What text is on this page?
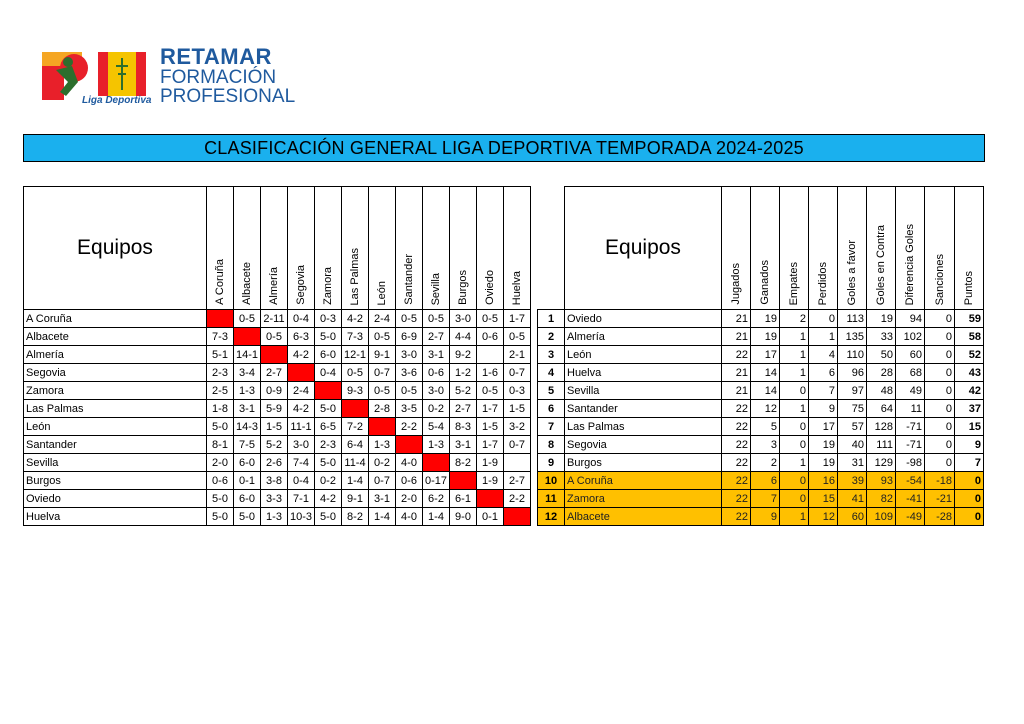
Liga Deportiva
RETAMAR
FORMACIÓN
PROFESIONAL
CLASIFICACIÓN GENERAL LIGA DEPORTIVA TEMPORADA 2024-2025
Equipos	A Coruña	Albacete	Almería	Segovia	Zamora	Las Palmas	León	Santander	Sevilla	Burgos	Oviedo	Huelva

A Coruña		0-5	2-11	0-4	0-3	4-2	2-4	0-5	0-5	3-0	0-5	1-7
Albacete	7-3		0-5	6-3	5-0	7-3	0-5	6-9	2-7	4-4	0-6	0-5
Almería	5-1	14-1		4-2	6-0	12-1	9-1	3-0	3-1	9-2		2-1
Segovia	2-3	3-4	2-7		0-4	0-5	0-7	3-6	0-6	1-2	1-6	0-7
Zamora	2-5	1-3	0-9	2-4		9-3	0-5	0-5	3-0	5-2	0-5	0-3
Las Palmas	1-8	3-1	5-9	4-2	5-0		2-8	3-5	0-2	2-7	1-7	1-5
León	5-0	14-3	1-5	11-1	6-5	7-2		2-2	5-4	8-3	1-5	3-2
Santander	8-1	7-5	5-2	3-0	2-3	6-4	1-3		1-3	3-1	1-7	0-7
Sevilla	2-0	6-0	2-6	7-4	5-0	11-4	0-2	4-0		8-2	1-9	
Burgos	0-6	0-1	3-8	0-4	0-2	1-4	0-7	0-6	0-17		1-9	2-7
Oviedo	5-0	6-0	3-3	7-1	4-2	9-1	3-1	2-0	6-2	6-1		2-2
Huelva	5-0	5-0	1-3	10-3	5-0	8-2	1-4	4-0	1-4	9-0	0-1	
	Equipos	Jugados	Ganados	Empates	Perdidos	Goles a favor	Goles en Contra	Diferencia Goles	Sanciones	Puntos

1	Oviedo	21	19	2	0	113	19	94	0	59
2	Almería	21	19	1	1	135	33	102	0	58
3	León	22	17	1	4	110	50	60	0	52
4	Huelva	21	14	1	6	96	28	68	0	43
5	Sevilla	21	14	0	7	97	48	49	0	42
6	Santander	22	12	1	9	75	64	11	0	37
7	Las Palmas	22	5	0	17	57	128	-71	0	15
8	Segovia	22	3	0	19	40	111	-71	0	9
9	Burgos	22	2	1	19	31	129	-98	0	7
10	A Coruña	22	6	0	16	39	93	-54	-18	0
11	Zamora	22	7	0	15	41	82	-41	-21	0
12	Albacete	22	9	1	12	60	109	-49	-28	0
